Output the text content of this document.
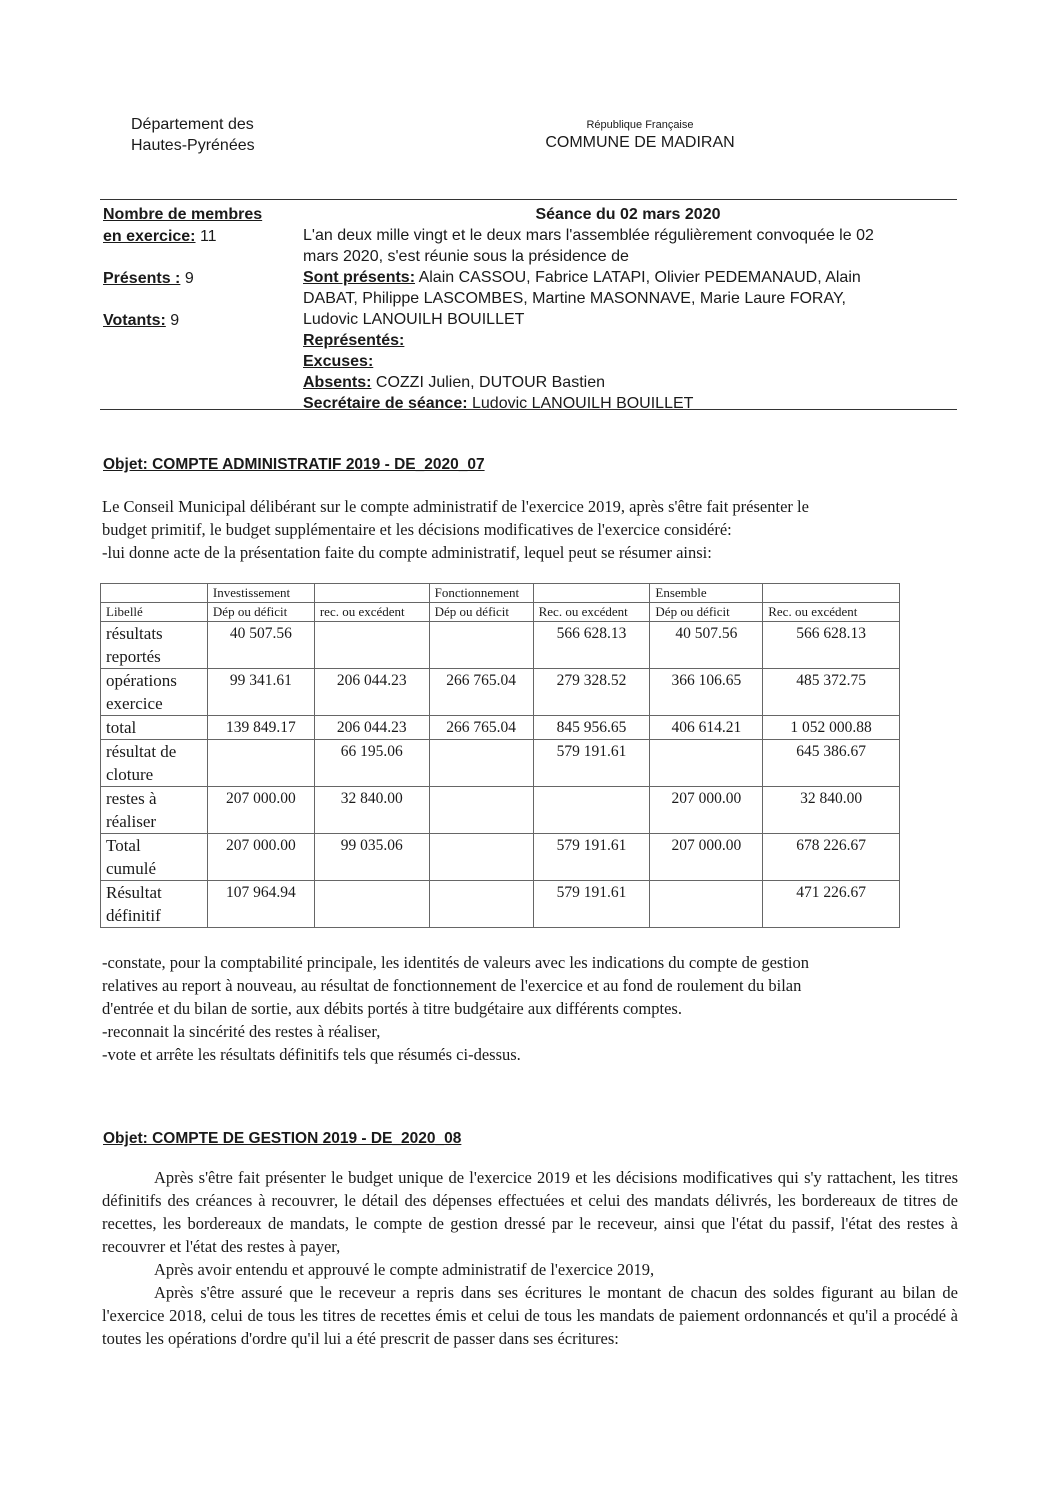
Département des
Hautes-Pyrénées
République Française
COMMUNE DE MADIRAN
Nombre de membres
en exercice: 11
Présents : 9
Votants: 9

Séance du 02 mars 2020

L'an deux mille vingt et le deux mars l'assemblée régulièrement convoquée le 02

mars 2020, s'est réunie sous la présidence de

Sont présents: Alain CASSOU, Fabrice LATAPI, Olivier PEDEMANAUD, Alain

DABAT, Philippe LASCOMBES, Martine MASONNAVE, Marie Laure FORAY,

Ludovic LANOUILH BOUILLET

Représentés:

Excuses:

Absents: COZZI Julien, DUTOUR Bastien

Secrétaire de séance: Ludovic LANOUILH BOUILLET

Objet: COMPTE ADMINISTRATIF 2019 - DE_2020_07

Le Conseil Municipal délibérant sur le compte administratif de l'exercice 2019, après s'être fait présenter le

budget primitif, le budget supplémentaire et les décisions modificatives de l'exercice considéré:

-lui donne acte de la présentation faite du compte administratif, lequel peut se résumer ainsi:

	Investissement		Fonctionnement		Ensemble	
Libellé	Dép ou déficit	rec. ou excédent	Dép ou déficit	Rec. ou excédent	Dép ou déficit	Rec. ou excédent
résultats
reportés	40 507.56			566 628.13	40 507.56	566 628.13
opérations
exercice	99 341.61	206 044.23	266 765.04	279 328.52	366 106.65	485 372.75
total	139 849.17	206 044.23	266 765.04	845 956.65	406 614.21	1 052 000.88
résultat de
cloture		66 195.06		579 191.61		645 386.67
restes à
réaliser	207 000.00	32 840.00			207 000.00	32 840.00
Total
cumulé	207 000.00	99 035.06		579 191.61	207 000.00	678 226.67
Résultat
définitif	107 964.94			579 191.61		471 226.67

-constate, pour la comptabilité principale, les identités de valeurs avec les indications du compte de gestion

relatives au report à nouveau, au résultat de fonctionnement de l'exercice et au fond de roulement du bilan

d'entrée et du bilan de sortie, aux débits portés à titre budgétaire aux différents comptes.

-reconnait la sincérité des restes à réaliser,

-vote et arrête les résultats définitifs tels que résumés ci-dessus.

Objet: COMPTE DE GESTION 2019 - DE_2020_08

Après s'être fait présenter le budget unique de l'exercice 2019 et les décisions modificatives qui s'y rattachent, les titres définitifs des créances à recouvrer, le détail des dépenses effectuées et celui des mandats délivrés, les bordereaux de titres de recettes, les bordereaux de mandats, le compte de gestion dressé par le receveur, ainsi que l'état du passif, l'état des restes à recouvrer et l'état des restes à payer,

Après avoir entendu et approuvé le compte administratif de l'exercice 2019,

Après s'être assuré que le receveur a repris dans ses écritures le montant de chacun des soldes figurant au bilan de l'exercice 2018, celui de tous les titres de recettes émis et celui de tous les mandats de paiement ordonnancés et qu'il a procédé à toutes les opérations d'ordre qu'il lui a été prescrit de passer dans ses écritures:
